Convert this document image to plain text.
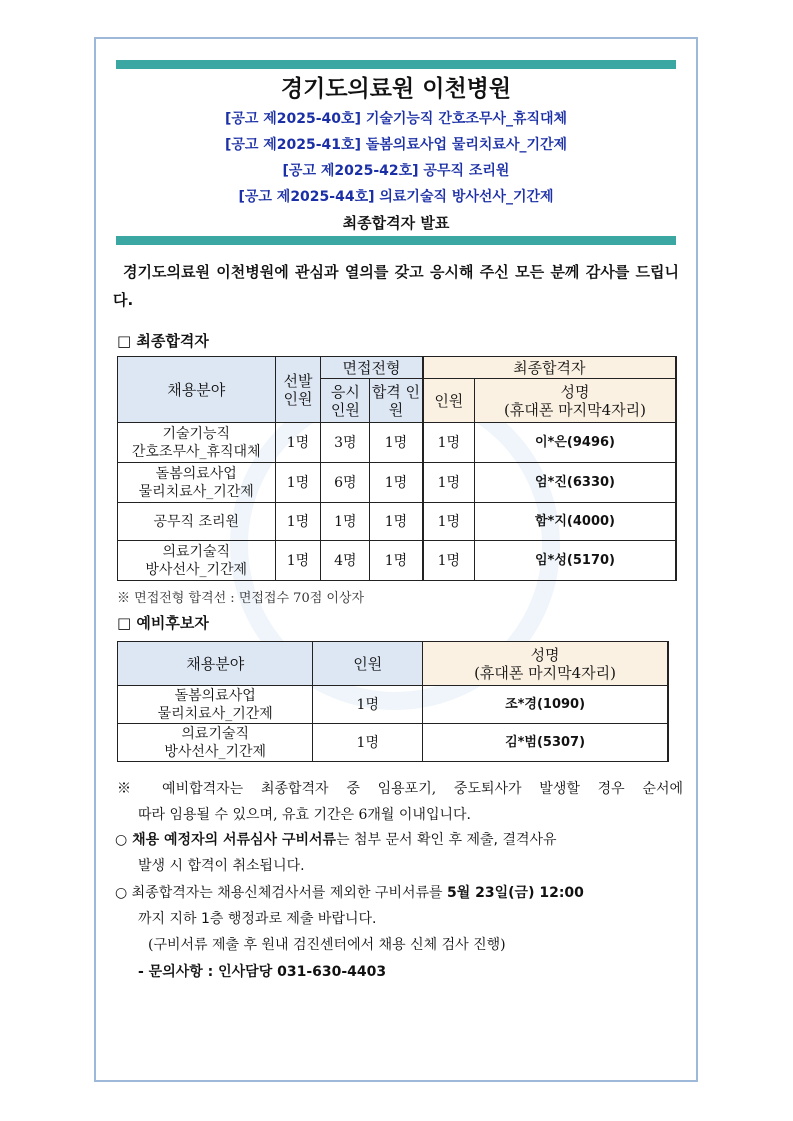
경기도의료원 이천병원
[공고 제2025-40호] 기술기능직 간호조무사_휴직대체
[공고 제2025-41호] 돌봄의료사업 물리치료사_기간제
[공고 제2025-42호] 공무직 조리원
[공고 제2025-44호] 의료기술직 방사선사_기간제
최종합격자 발표
경기도의료원 이천병원에 관심과 열의를 갖고 응시해 주신 모든 분께 감사를 드립니다.
□ 최종합격자
채용분야	선발 인원	면접전형		최종합격자	
		응시 인원	합격 인원	인원	성명
(휴대폰 마지막4자리)

기술기능직
간호조무사_휴직대체	1명	3명	1명	1명	이*은(9496)

돌봄의료사업
물리치료사_기간제	1명	6명	1명	1명	엄*진(6330)
공무직 조리원	1명	1명	1명	1명	함*지(4000)

의료기술직
방사선사_기간제	1명	4명	1명	1명	임*성(5170)
※ 면접전형 합격선 : 면접접수 70점 이상자
□ 예비후보자
채용분야	인원	성명
(휴대폰 마지막4자리)

돌봄의료사업
물리치료사_기간제	1명	조*경(1090)

의료기술직
방사선사_기간제	1명	김*범(5307)
※ 예비합격자는 최종합격자 중 임용포기, 중도퇴사가 발생할 경우 순서에
따라 임용될 수 있으며, 유효 기간은 6개월 이내입니다.
○ 채용 예정자의 서류심사 구비서류는 첨부 문서 확인 후 제출, 결격사유
발생 시 합격이 취소됩니다.
○ 최종합격자는 채용신체검사서를 제외한 구비서류를 5월 23일(금) 12:00
까지 지하 1층 행정과로 제출 바랍니다.
(구비서류 제출 후 원내 검진센터에서 채용 신체 검사 진행)
- 문의사항 : 인사담당 031-630-4403
